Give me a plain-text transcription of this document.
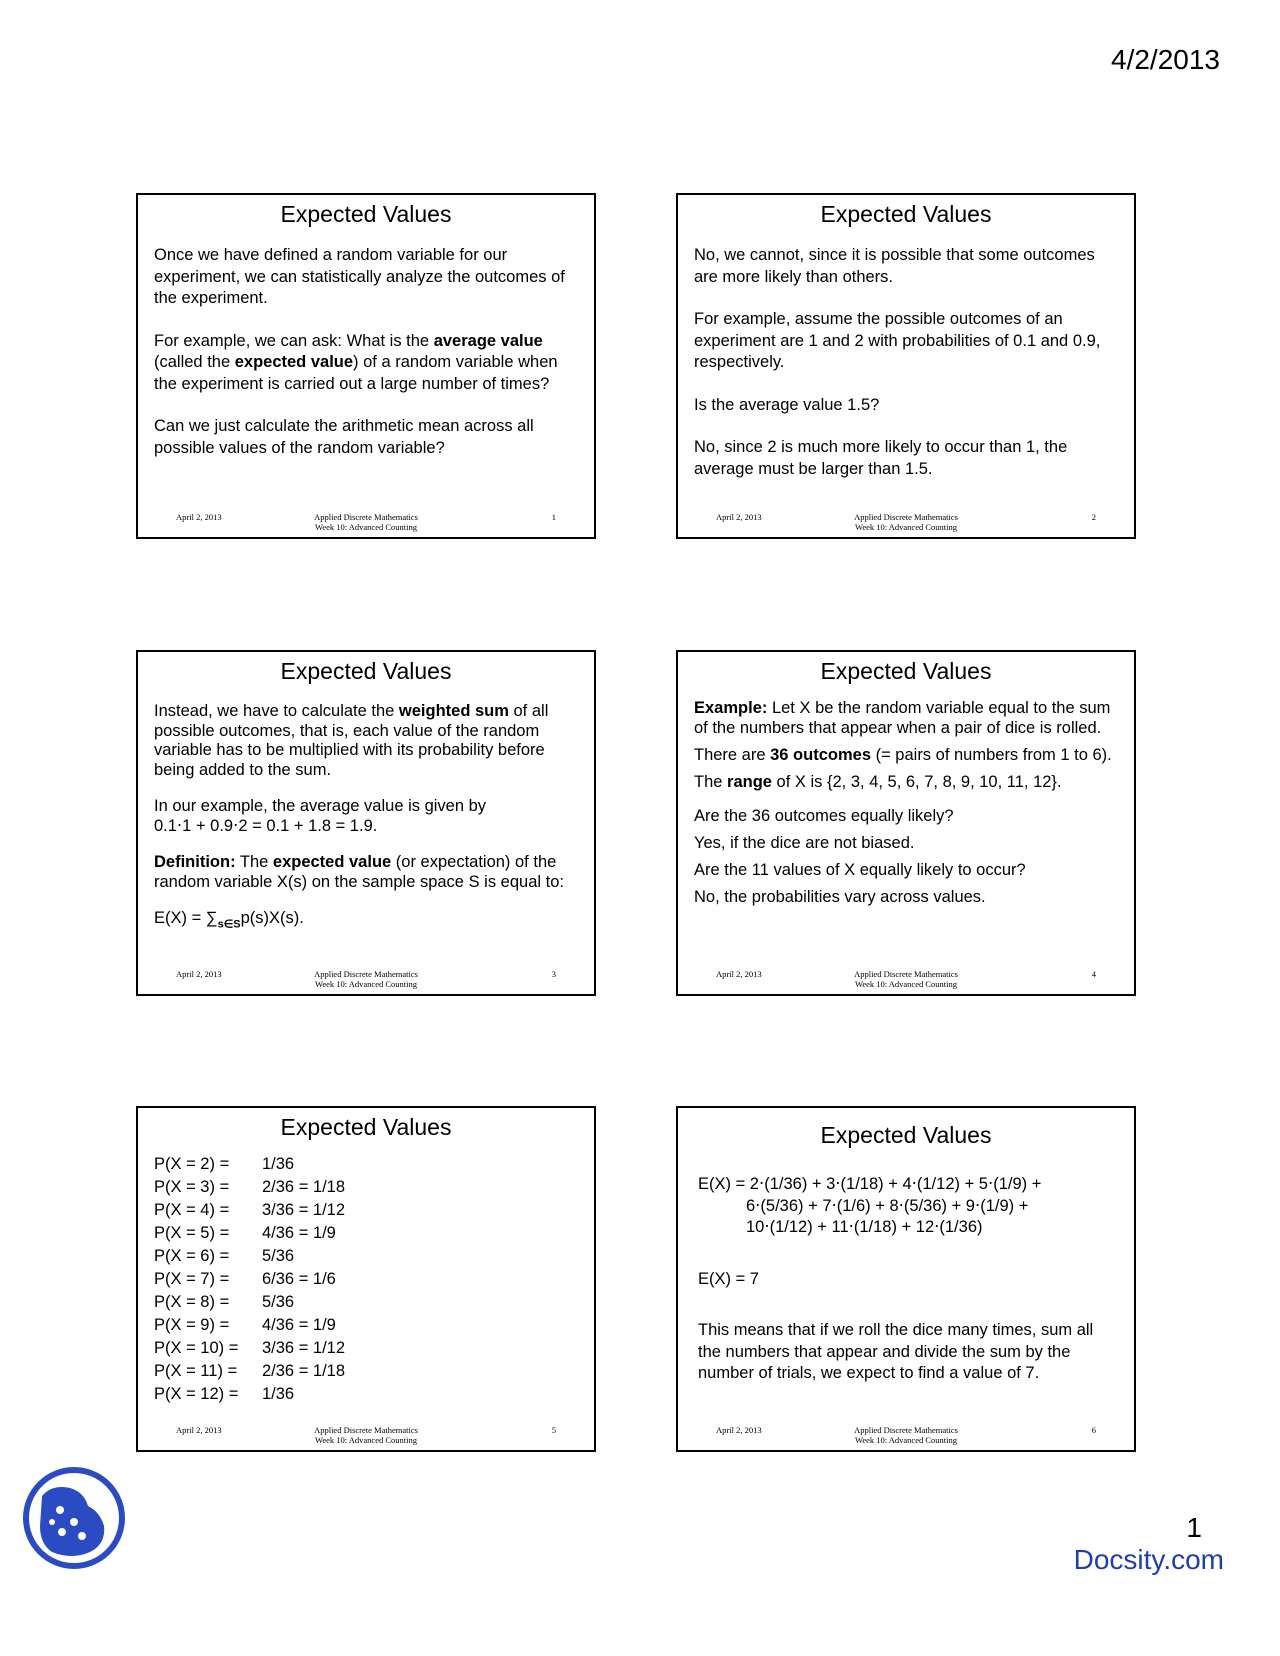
4/2/2013
Expected Values

Once we have defined a random variable for our experiment, we can statistically analyze the outcomes of the experiment.

For example, we can ask: What is the average value (called the expected value) of a random variable when the experiment is carried out a large number of times?

Can we just calculate the arithmetic mean across all possible values of the random variable?

April 2, 2013	Applied Discrete Mathematics
Week 10: Advanced Counting
1
Expected Values

No, we cannot, since it is possible that some outcomes are more likely than others.

For example, assume the possible outcomes of an experiment are 1 and 2 with probabilities of 0.1 and 0.9, respectively.

Is the average value 1.5?

No, since 2 is much more likely to occur than 1, the average must be larger than 1.5.

April 2, 2013	Applied Discrete Mathematics
Week 10: Advanced Counting
2
Expected Values

Instead, we have to calculate the weighted sum of all possible outcomes, that is, each value of the random variable has to be multiplied with its probability before being added to the sum.

In our example, the average value is given by
0.1⋅1 + 0.9⋅2 = 0.1 + 1.8 = 1.9.

Definition: The expected value (or expectation) of the random variable X(s) on the sample space S is equal to:

$E(X) = \sum_{s\in S}p(s)X(s)$.

April 2, 2013	Applied Discrete Mathematics
Week 10: Advanced Counting
3
Expected Values

Example: Let X be the random variable equal to the sum of the numbers that appear when a pair of dice is rolled.

There are 36 outcomes (= pairs of numbers from 1 to 6).

The range of X is {2, 3, 4, 5, 6, 7, 8, 9, 10, 11, 12}.

Are the 36 outcomes equally likely?

Yes, if the dice are not biased.

Are the 11 values of X equally likely to occur?

No, the probabilities vary across values.

April 2, 2013	Applied Discrete Mathematics
Week 10: Advanced Counting
4
Expected Values
P(X = 2) =	1/36
P(X = 3) =	2/36 = 1/18
P(X = 4) =	3/36 = 1/12
P(X = 5) =	4/36 = 1/9
P(X = 6) =	5/36
P(X = 7) =	6/36 = 1/6
P(X = 8) =	5/36
P(X = 9) =	4/36 = 1/9
P(X = 10) =	3/36 = 1/12
P(X = 11) =	2/36 = 1/18
P(X = 12) =	1/36
April 2, 2013	Applied Discrete Mathematics
Week 10: Advanced Counting
5
Expected Values
E(X) = 2⋅(1/36) + 3⋅(1/18) + 4⋅(1/12) + 5⋅(1/9) +
6⋅(5/36) + 7⋅(1/6) + 8⋅(5/36) + 9⋅(1/9) +
10⋅(1/12) + 11⋅(1/18) + 12⋅(1/36)
E(X) = 7
This means that if we roll the dice many times, sum all the numbers that appear and divide the sum by the number of trials, we expect to find a value of 7.
April 2, 2013	Applied Discrete Mathematics
Week 10: Advanced Counting
6
1
Docsity.com
